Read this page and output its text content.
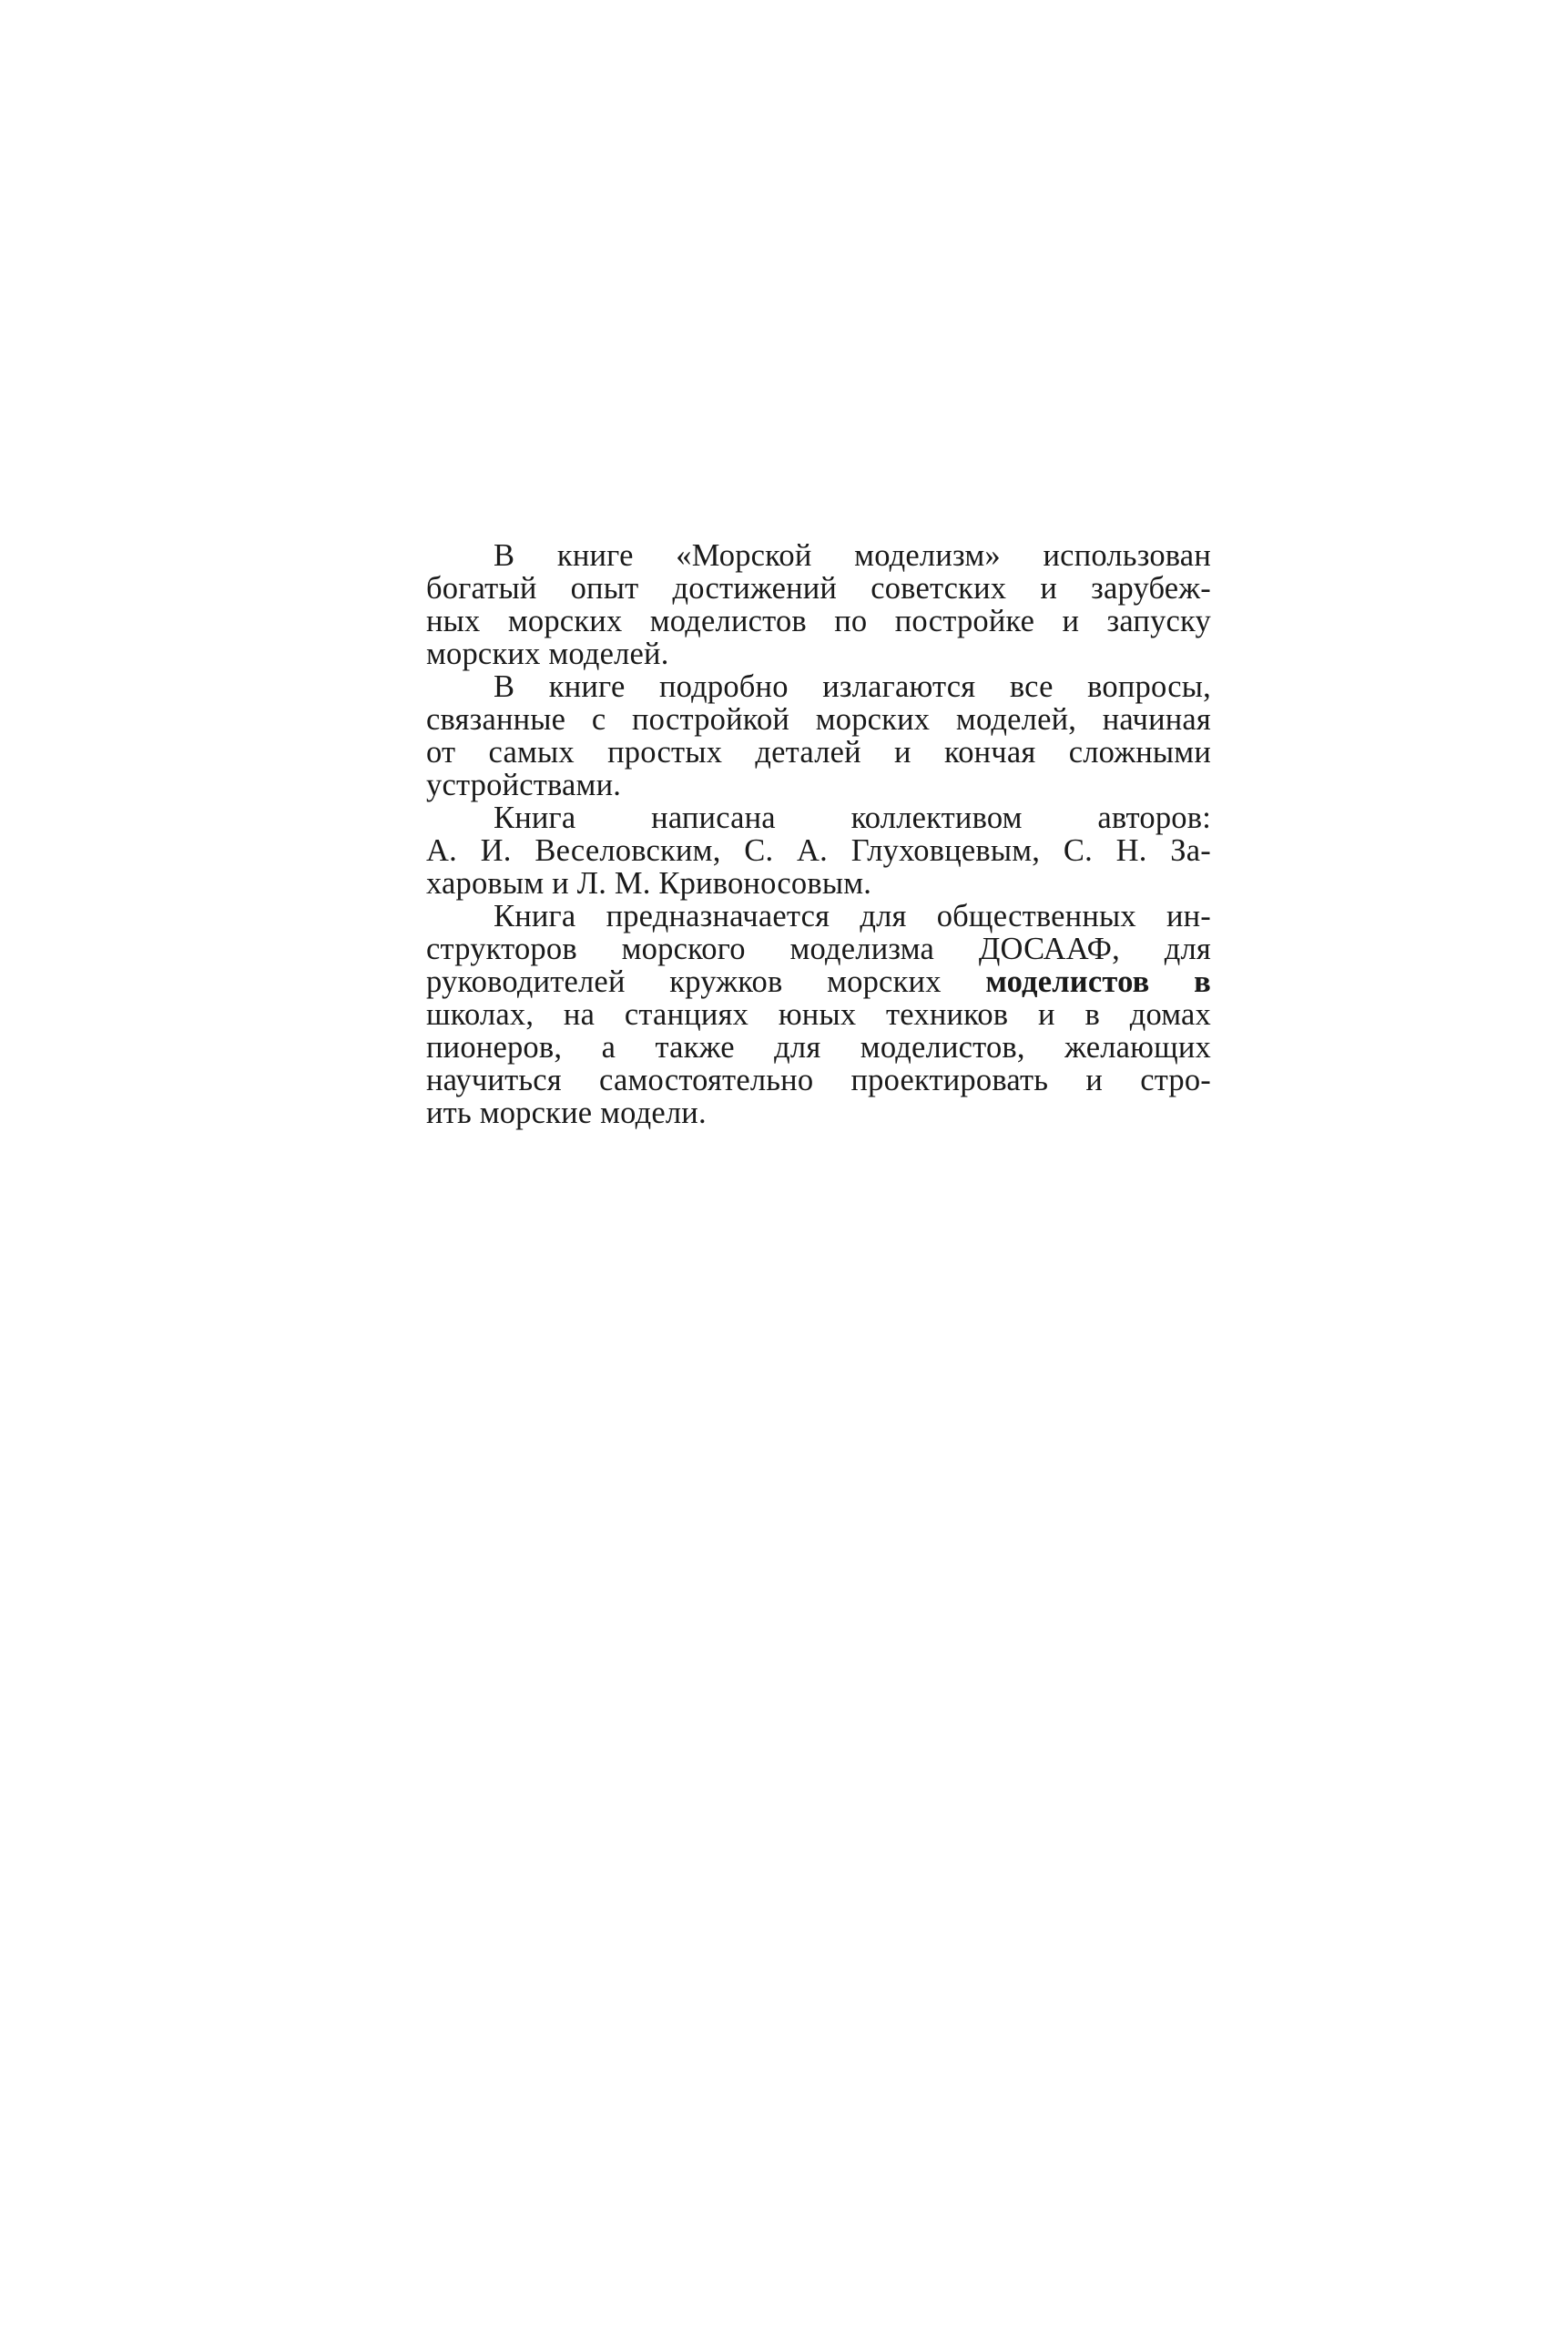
В книге «Морской моделизм» использован
богатый опыт достижений советских и зарубеж-
ных морских моделистов по постройке и запуску
морских моделей.

В книге подробно излагаются все вопросы,
связанные с постройкой морских моделей, начиная
от самых простых деталей и кончая сложными
устройствами.

Книга написана коллективом авторов:
А. И. Веселовским, С. А. Глуховцевым, С. Н. За-
харовым и Л. М. Кривоносовым.

Книга предназначается для общественных ин-
структоров морского моделизма ДОСААФ, для
руководителей кружков морских моделистов в
школах, на станциях юных техников и в домах
пионеров, а также для моделистов, желающих
научиться самостоятельно проектировать и стро-
ить морские модели.
